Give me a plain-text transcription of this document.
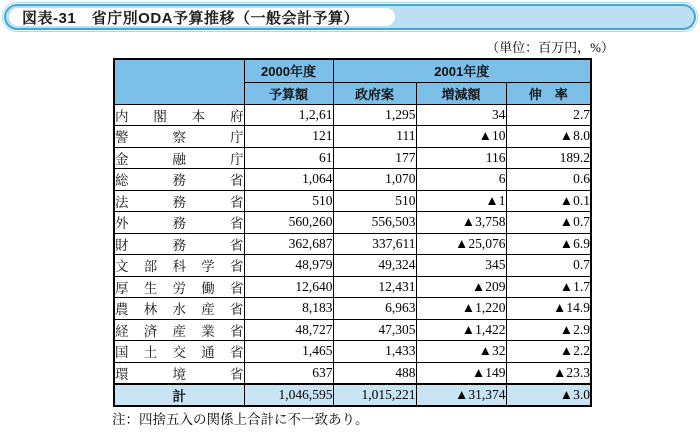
図表-31　省庁別ODA予算推移（一般会計予算）
（単位：百万円，%）
	2000年度	2001年度		
	予算額	政府案	増減額	伸　率

内 閣 本 府	1,2,61	1,295	34	2.7

警 察 庁	121	111	▲10	▲8.0

金 融 庁	61	177	116	189.2

総 務 省	1,064	1,070	6	0.6

法 務 省	510	510	▲1	▲0.1

外 務 省	560,260	556,503	▲3,758	▲0.7

財 務 省	362,687	337,611	▲25,076	▲6.9

文 部 科 学 省	48,979	49,324	345	0.7

厚 生 労 働 省	12,640	12,431	▲209	▲1.7

農 林 水 産 省	8,183	6,963	▲1,220	▲14.9

経 済 産 業 省	48,727	47,305	▲1,422	▲2.9

国 土 交 通 省	1,465	1,433	▲32	▲2.2

環 境 省	637	488	▲149	▲23.3
計	1,046,595	1,015,221	▲31,374	▲3.0
注：四捨五入の関係上合計に不一致あり。
